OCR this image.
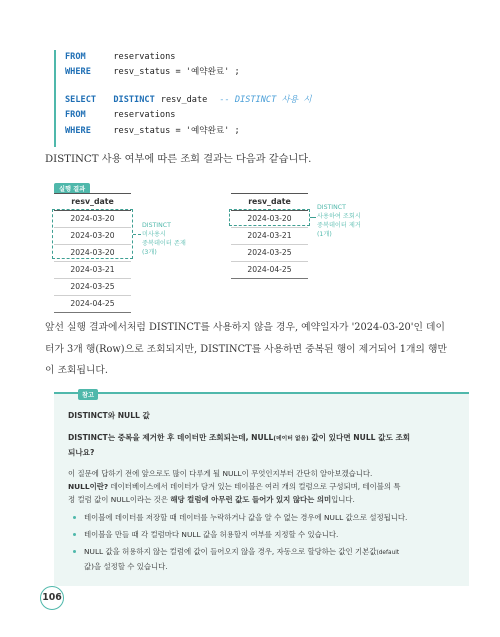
FROM	reservations
WHERE	resv_status = '예약완료' ;
SELECT DISTINCT resv_date -- DISTINCT 사용 시
FROM	reservations
WHERE	resv_status = '예약완료' ;
DISTINCT 사용 여부에 따른 조회 결과는 다음과 같습니다.
실행 결과
resv_date
2024-03-20
2024-03-20
2024-03-20
2024-03-21
2024-03-25
2024-04-25
DISTINCT
미사용시
중복데이터 존재
(3개)
resv_date
2024-03-20
2024-03-21
2024-03-25
2024-04-25
DISTINCT
사용하여 조회시
중복데이터 제거
(1개)
앞선 실행 결과에서처럼 DISTINCT를 사용하지 않을 경우, 예약일자가 '2024-03-20'인 데이
터가 3개 행(Row)으로 조회되지만, DISTINCT를 사용하면 중복된 행이 제거되어 1개의 행만
이 조회됩니다.
참고
DISTINCT와 NULL 값
DISTINCT는 중복을 제거한 후 데이터만 조회되는데, NULL(데이터 없음) 값이 있다면 NULL 값도 조회
되나요?
이 질문에 답하기 전에 앞으로도 많이 다루게 될 NULL이 무엇인지부터 간단히 알아보겠습니다.
NULL이란? 데이터베이스에서 데이터가 담겨 있는 테이블은 여러 개의 컬럼으로 구성되며, 테이블의 특
정 컬럼 값이 NULL이라는 것은 해당 컬럼에 아무런 값도 들어가 있지 않다는 의미입니다.
테이블에 데이터를 저장할 때 데이터를 누락하거나 값을 알 수 없는 경우에 NULL 값으로 설정됩니다.
테이블을 만들 때 각 컬럼마다 NULL 값을 허용할지 여부를 지정할 수 있습니다.
NULL 값을 허용하지 않는 컬럼에 값이 들어오지 않을 경우, 자동으로 할당하는 값인 기본값(default
값)을 설정할 수 있습니다.
106
